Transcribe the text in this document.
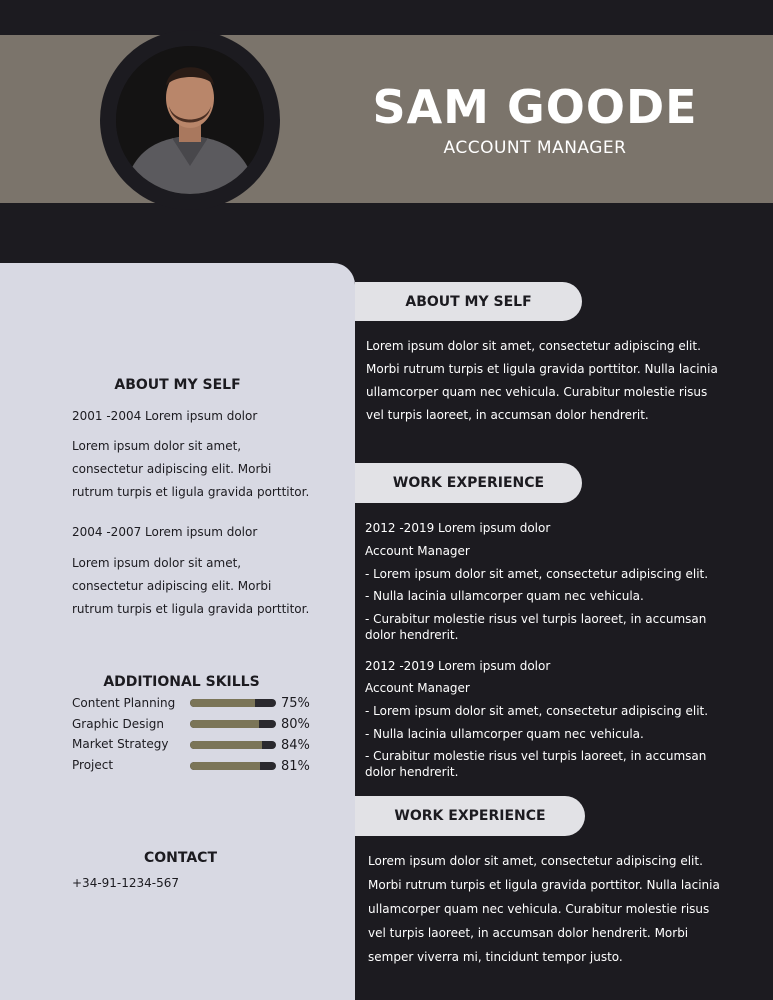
SAM GOODE
ACCOUNT MANAGER
ABOUT MY SELF
2001 -2004 Lorem ipsum dolor
Lorem ipsum dolor sit amet,
consectetur adipiscing elit. Morbi
rutrum turpis et ligula gravida porttitor.
2004 -2007 Lorem ipsum dolor
Lorem ipsum dolor sit amet,
consectetur adipiscing elit. Morbi
rutrum turpis et ligula gravida porttitor.
ADDITIONAL SKILLS
Content Planning	75%
Graphic Design	80%
Market Strategy	84%
Project	81%
CONTACT
+34-91-1234-567
ABOUT MY SELF
Lorem ipsum dolor sit amet, consectetur adipiscing elit.
Morbi rutrum turpis et ligula gravida porttitor. Nulla lacinia
ullamcorper quam nec vehicula. Curabitur molestie risus
vel turpis laoreet, in accumsan dolor hendrerit.
WORK EXPERIENCE
2012 -2019 Lorem ipsum dolor
Account Manager
- Lorem ipsum dolor sit amet, consectetur adipiscing elit.
- Nulla lacinia ullamcorper quam nec vehicula.
- Curabitur molestie risus vel turpis laoreet, in accumsan
dolor hendrerit.
2012 -2019 Lorem ipsum dolor
Account Manager
- Lorem ipsum dolor sit amet, consectetur adipiscing elit.
- Nulla lacinia ullamcorper quam nec vehicula.
- Curabitur molestie risus vel turpis laoreet, in accumsan
dolor hendrerit.
WORK EXPERIENCE
Lorem ipsum dolor sit amet, consectetur adipiscing elit.
Morbi rutrum turpis et ligula gravida porttitor. Nulla lacinia
ullamcorper quam nec vehicula. Curabitur molestie risus
vel turpis laoreet, in accumsan dolor hendrerit. Morbi
semper viverra mi, tincidunt tempor justo.
